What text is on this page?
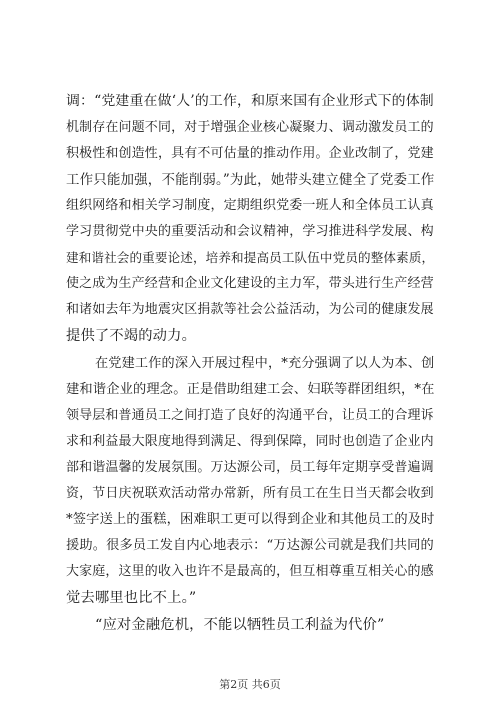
调：“党建重在做‘人’的工作，和原来国有企业形式下的体制
机制存在问题不同，对于增强企业核心凝聚力、调动激发员工的
积极性和创造性，具有不可估量的推动作用。企业改制了，党建
工作只能加强，不能削弱。”为此，她带头建立健全了党委工作
组织网络和相关学习制度，定期组织党委一班人和全体员工认真
学习贯彻党中央的重要活动和会议精神，学习推进科学发展、构
建和谐社会的重要论述，培养和提高员工队伍中党员的整体素质，
使之成为生产经营和企业文化建设的主力军，带头进行生产经营
和诸如去年为地震灾区捐款等社会公益活动，为公司的健康发展
提供了不竭的动力。
在党建工作的深入开展过程中，*充分强调了以人为本、创
建和谐企业的理念。正是借助组建工会、妇联等群团组织，*在
领导层和普通员工之间打造了良好的沟通平台，让员工的合理诉
求和利益最大限度地得到满足、得到保障，同时也创造了企业内
部和谐温馨的发展氛围。万达源公司，员工每年定期享受普遍调
资，节日庆祝联欢活动常办常新，所有员工在生日当天都会收到
*签字送上的蛋糕，困难职工更可以得到企业和其他员工的及时
援助。很多员工发自内心地表示：“万达源公司就是我们共同的
大家庭，这里的收入也许不是最高的，但互相尊重互相关心的感
觉去哪里也比不上。”
“应对金融危机，不能以牺牲员工利益为代价”
第2页 共6页
